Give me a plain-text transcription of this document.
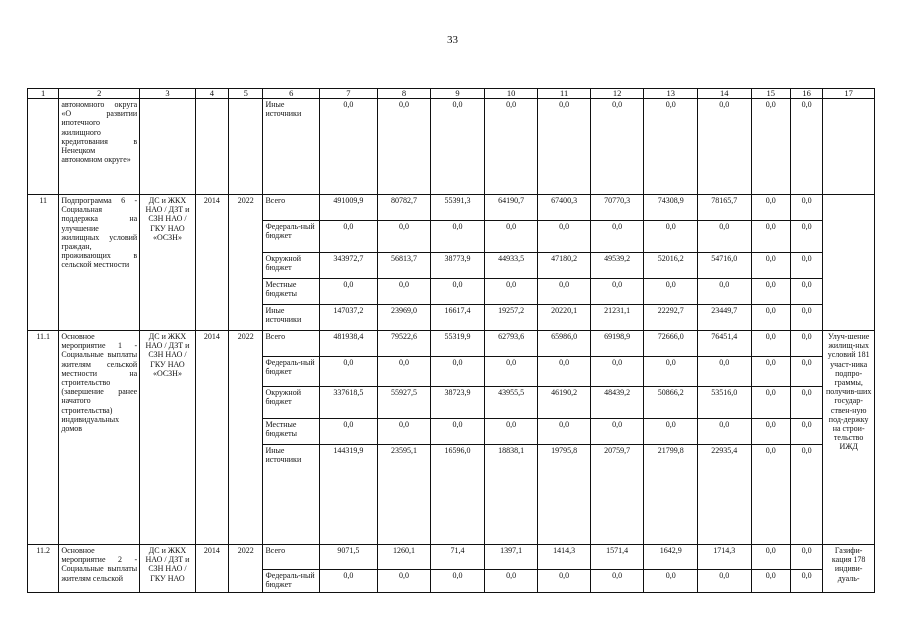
33
1	2	3	4	5	6	7	8	9	10	11	12	13	14	15	16	17
	автономного округа «О развитии ипотечного жилищного кредитования в Ненецком автономном округе»				Иные источники	0,0	0,0	0,0	0,0	0,0	0,0	0,0	0,0	0,0	0,0	
11	Подпрограмма 6 - Социальная поддержка на улучшение жилищных условий граждан, проживающих в сельской местности	ДС и ЖКХ НАО / ДЗТ и СЗН НАО / ГКУ НАО «ОСЗН»	2014	2022	Всего	491009,9	80782,7	55391,3	64190,7	67400,3	70770,3	74308,9	78165,7	0,0	0,0	
					Федераль-ный бюджет	0,0	0,0	0,0	0,0	0,0	0,0	0,0	0,0	0,0	0,0	
					Окружной бюджет	343972,7	56813,7	38773,9	44933,5	47180,2	49539,2	52016,2	54716,0	0,0	0,0	
					Местные бюджеты	0,0	0,0	0,0	0,0	0,0	0,0	0,0	0,0	0,0	0,0	
					Иные источники	147037,2	23969,0	16617,4	19257,2	20220,1	21231,1	22292,7	23449,7	0,0	0,0	
11.1	Основное мероприятие 1 - Социальные выплаты жителям сельской местности на строительство (завершение ранее начатого строительства) индивидуальных домов	ДС и ЖКХ НАО / ДЗТ и СЗН НАО / ГКУ НАО «ОСЗН»	2014	2022	Всего	481938,4	79522,6	55319,9	62793,6	65986,0	69198,9	72666,0	76451,4	0,0	0,0	Улуч-шение жилищ-ных условий 181 участ-ника подпро-граммы, получив-ших государ-ствен-ную под-держку на строи-тельство ИЖД
					Федераль-ный бюджет	0,0	0,0	0,0	0,0	0,0	0,0	0,0	0,0	0,0	0,0	
					Окружной бюджет	337618,5	55927,5	38723,9	43955,5	46190,2	48439,2	50866,2	53516,0	0,0	0,0	
					Местные бюджеты	0,0	0,0	0,0	0,0	0,0	0,0	0,0	0,0	0,0	0,0	
					Иные источники	144319,9	23595,1	16596,0	18838,1	19795,8	20759,7	21799,8	22935,4	0,0	0,0	
11.2	Основное мероприятие 2 - Социальные выплаты жителям сельской	ДС и ЖКХ НАО / ДЗТ и СЗН НАО / ГКУ НАО	2014	2022	Всего	9071,5	1260,1	71,4	1397,1	1414,3	1571,4	1642,9	1714,3	0,0	0,0	Газифи-кация 178 индиви-дуаль-
					Федераль-ный бюджет	0,0	0,0	0,0	0,0	0,0	0,0	0,0	0,0	0,0	0,0	
